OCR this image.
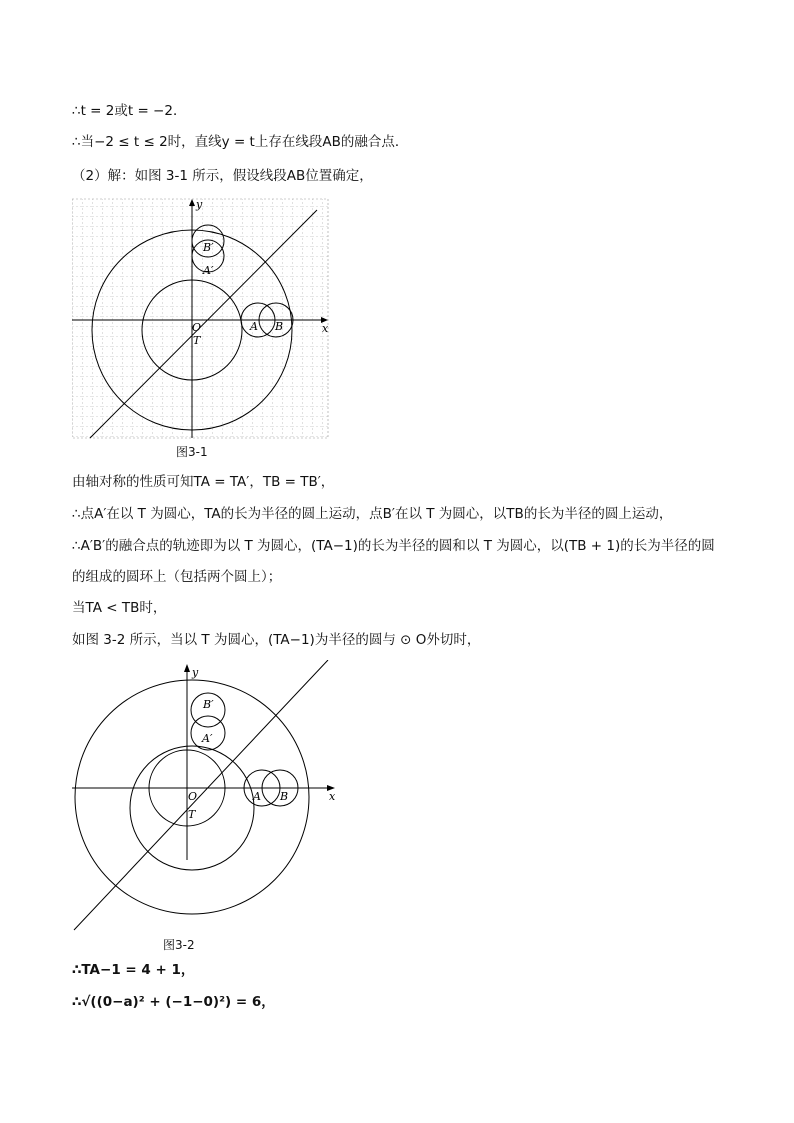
∴t = 2或t = −2．
∴当−2 ≤ t ≤ 2时，直线y = t上存在线段AB的融合点．
（2）解：如图 3-1 所示，假设线段AB位置确定，
y
x
O
T
A B
B′
A′
图3-1
由轴对称的性质可知TA = TA′，TB = TB′，
∴点A′在以 T 为圆心，TA的长为半径的圆上运动，点B′在以 T 为圆心，以TB的长为半径的圆上运动，
∴A′B′的融合点的轨迹即为以 T 为圆心，(TA−1)的长为半径的圆和以 T 为圆心，以(TB + 1)的长为半径的圆
的组成的圆环上（包括两个圆上）；
当TA < TB时，
如图 3-2 所示，当以 T 为圆心，(TA−1)为半径的圆与 ⊙ O外切时，
y
x
O
T
A B
B′
A′
图3-2
∴TA−1 = 4 + 1，
∴√((0−a)² + (−1−0)²) = 6，
